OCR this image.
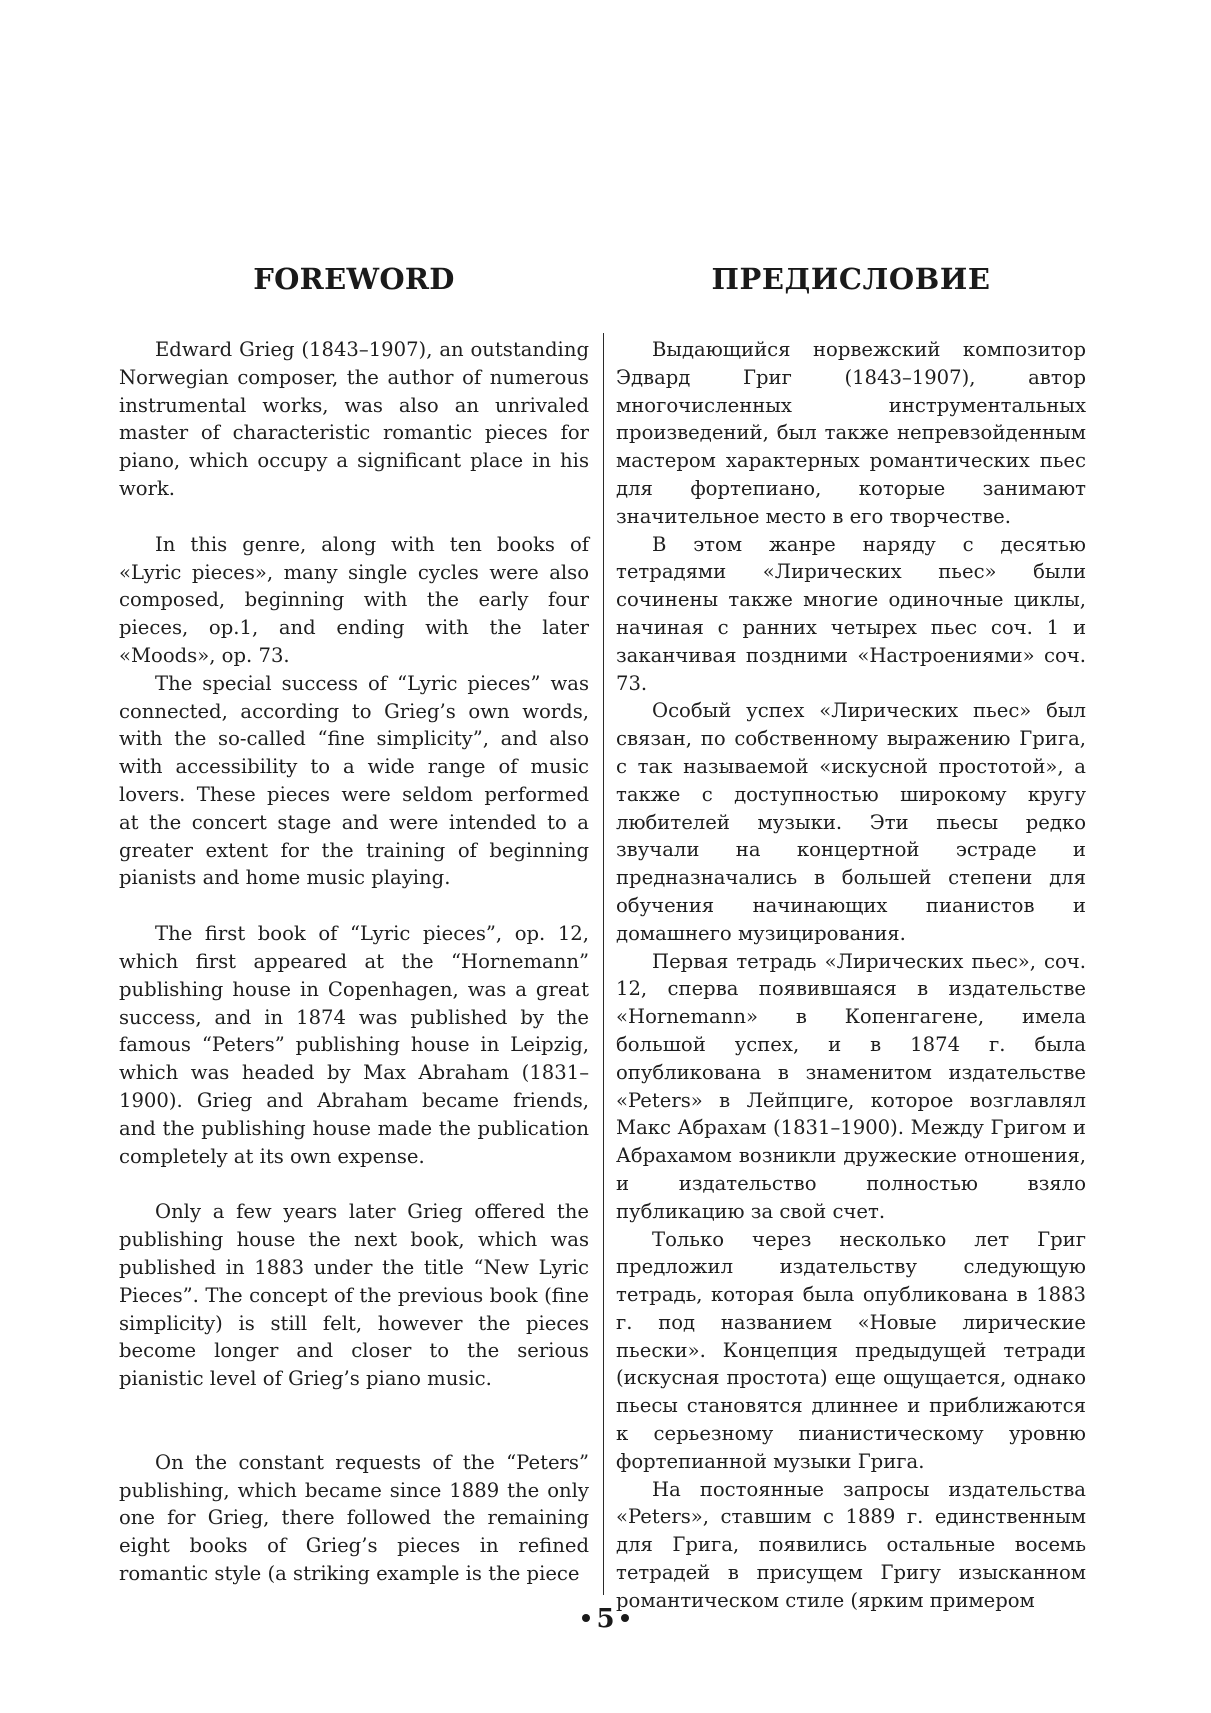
FOREWORD

Edward Grieg (1843–1907), an outstanding Norwegian composer, the author of numerous instrumental works, was also an unrivaled master of characteristic romantic pieces for piano, which occupy a significant place in his work.

In this genre, along with ten books of «Lyric pieces», many single cycles were also composed, beginning with the early four pieces, op.1, and ending with the later «Moods», op. 73.

The special success of “Lyric pieces” was connected, according to Grieg’s own words, with the so-called “fine simplicity”, and also with accessibility to a wide range of music lovers. These pieces were seldom performed at the concert stage and were intended to a greater extent for the training of beginning pianists and home music playing.

The first book of “Lyric pieces”, op. 12, which first appeared at the “Hornemann” publishing house in Copenhagen, was a great success, and in 1874 was published by the famous “Peters” publishing house in Leipzig, which was headed by Max Abraham (1831–1900). Grieg and Abraham became friends, and the publishing house made the publication completely at its own expense.

Only a few years later Grieg offered the publishing house the next book, which was published in 1883 under the title “New Lyric Pieces”. The concept of the previous book (fine simplicity) is still felt, however the pieces become longer and closer to the serious pianistic level of Grieg’s piano music.

On the constant requests of the “Peters” publishing, which became since 1889 the only one for Grieg, there followed the remaining eight books of Grieg’s pieces in refined romantic style (a striking example is the piece

ПРЕДИСЛОВИЕ

Выдающийся норвежский композитор Эдвард Григ (1843–1907), автор многочисленных инструментальных произведений, был также непревзойденным мастером характерных романтических пьес для фортепиано, которые занимают значительное место в его творчестве.

В этом жанре наряду с десятью тетрадями «Лирических пьес» были сочинены также многие одиночные циклы, начиная с ранних четырех пьес соч. 1 и заканчивая поздними «Настроениями» соч. 73.

Особый успех «Лирических пьес» был связан, по собственному выражению Грига, с так называемой «искусной простотой», а также с доступностью широкому кругу любителей музыки. Эти пьесы редко звучали на концертной эстраде и предназначались в большей степени для обучения начинающих пианистов и домашнего музицирования.

Первая тетрадь «Лирических пьес», соч. 12, сперва появившаяся в издательстве «Hornemann» в Копенгагене, имела большой успех, и в 1874 г. была опубликована в знаменитом издательстве «Peters» в Лейпциге, которое возглавлял Макс Абрахам (1831–1900). Между Григом и Абрахамом возникли дружеские отношения, и издательство полностью взяло публикацию за свой счет.

Только через несколько лет Григ предложил издательству следующую тетрадь, которая была опубликована в 1883 г. под названием «Новые лирические пьески». Концепция предыдущей тетради (искусная простота) еще ощущается, однако пьесы становятся длиннее и приближаются к серьезному пианистическому уровню фортепианной музыки Грига.

На постоянные запросы издательства «Peters», ставшим с 1889 г. единственным для Грига, появились остальные восемь тетрадей в присущем Григу изысканном романтическом стиле (ярким примером

5
